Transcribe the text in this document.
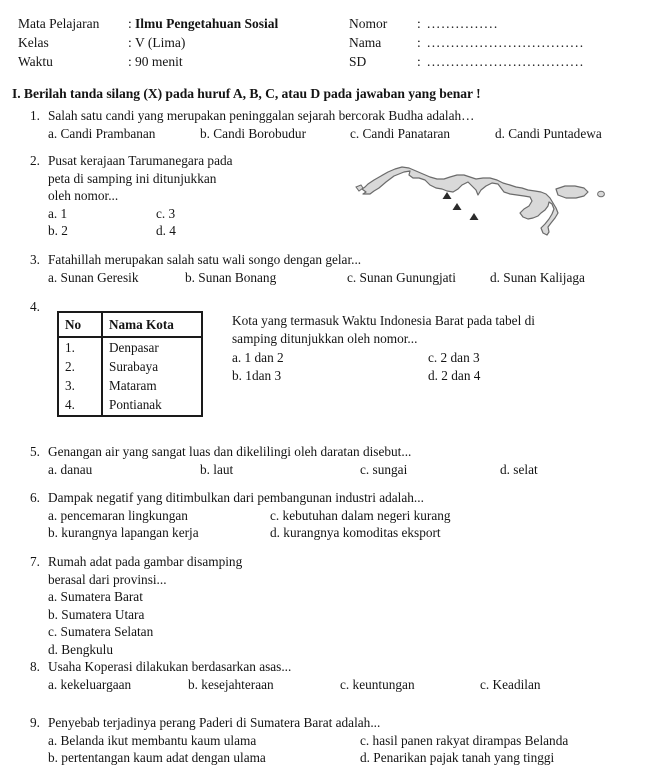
Mata Pelajaran	: Ilmu Pengetahuan Sosial	Nomor	: ...............
Kelas	: V (Lima)	Nama	: .................................
Waktu	: 90 menit	SD	: .................................
I. Berilah tanda silang (X) pada huruf A, B, C, atau D pada jawaban yang benar !
1. Salah satu candi yang merupakan peninggalan sejarah bercorak Budha adalah…
a. Candi Prambanan	b. Candi Borobudur	c. Candi Panataran	d. Candi Puntadewa
2. Pusat kerajaan Tarumanegara pada
peta di samping ini ditunjukkan
oleh nomor...
a. 1	c. 3
b. 2	d. 4
3. Fatahillah merupakan salah satu wali songo dengan gelar...
a. Sunan Geresik	b. Sunan Bonang	c. Sunan Gunungjati	d. Sunan Kalijaga
4.
No	Nama Kota
1.	Denpasar
2.	Surabaya
3.	Mataram
4.	Pontianak
Kota yang termasuk Waktu Indonesia Barat pada tabel di
samping ditunjukkan oleh nomor...
a. 1 dan 2	c. 2 dan 3
b. 1dan 3	d. 2 dan 4
5. Genangan air yang sangat luas dan dikelilingi oleh daratan disebut...
a. danau	b. laut	c. sungai	d. selat
6. Dampak negatif yang ditimbulkan dari pembangunan industri adalah...
a. pencemaran lingkungan	c. kebutuhan dalam negeri kurang
b. kurangnya lapangan kerja	d. kurangnya komoditas eksport
7. Rumah adat pada gambar disamping
berasal dari provinsi...
a. Sumatera Barat
b. Sumatera Utara
c. Sumatera Selatan
d. Bengkulu
8. Usaha Koperasi dilakukan berdasarkan asas...
a. kekeluargaan	b. kesejahteraan	c. keuntungan	c. Keadilan
9. Penyebab terjadinya perang Paderi di Sumatera Barat adalah...
a. Belanda ikut membantu kaum ulama	c. hasil panen rakyat dirampas Belanda
b. pertentangan kaum adat dengan ulama	d. Penarikan pajak tanah yang tinggi
